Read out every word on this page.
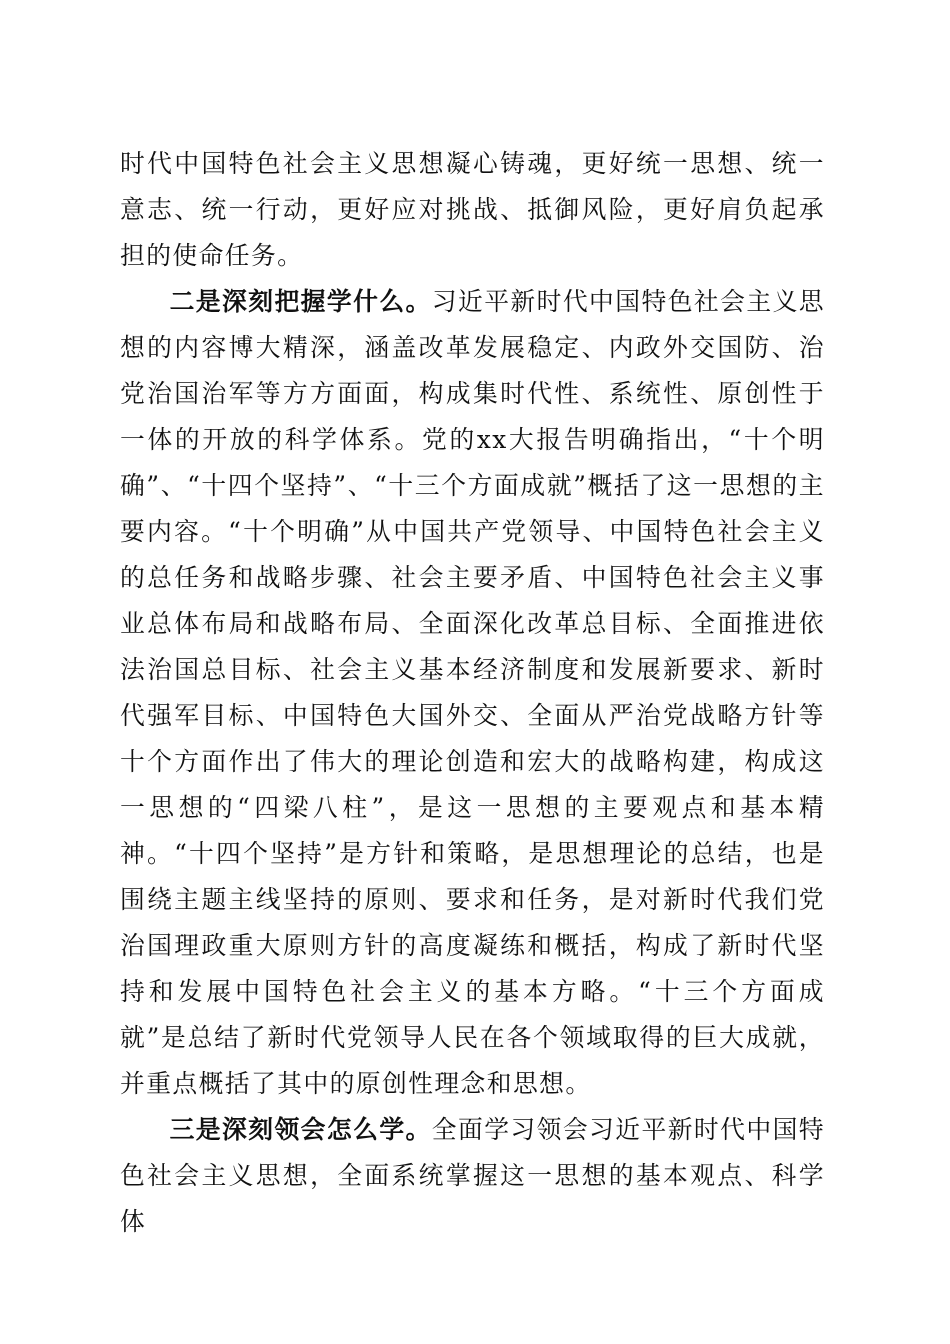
时代中国特色社会主义思想凝心铸魂，更好统一思想、统一意志、统一行动，更好应对挑战、抵御风险，更好肩负起承担的使命任务。

二是深刻把握学什么。习近平新时代中国特色社会主义思想的内容博大精深，涵盖改革发展稳定、内政外交国防、治党治国治军等方方面面，构成集时代性、系统性、原创性于一体的开放的科学体系。党的xx大报告明确指出，“十个明确”、“十四个坚持”、“十三个方面成就”概括了这一思想的主要内容。“十个明确”从中国共产党领导、中国特色社会主义的总任务和战略步骤、社会主要矛盾、中国特色社会主义事业总体布局和战略布局、全面深化改革总目标、全面推进依法治国总目标、社会主义基本经济制度和发展新要求、新时代强军目标、中国特色大国外交、全面从严治党战略方针等十个方面作出了伟大的理论创造和宏大的战略构建，构成这一思想的“四梁八柱”，是这一思想的主要观点和基本精神。“十四个坚持”是方针和策略，是思想理论的总结，也是围绕主题主线坚持的原则、要求和任务，是对新时代我们党治国理政重大原则方针的高度凝练和概括，构成了新时代坚持和发展中国特色社会主义的基本方略。“十三个方面成就”是总结了新时代党领导人民在各个领域取得的巨大成就，并重点概括了其中的原创性理念和思想。

三是深刻领会怎么学。全面学习领会习近平新时代中国特色社会主义思想，全面系统掌握这一思想的基本观点、科学体
